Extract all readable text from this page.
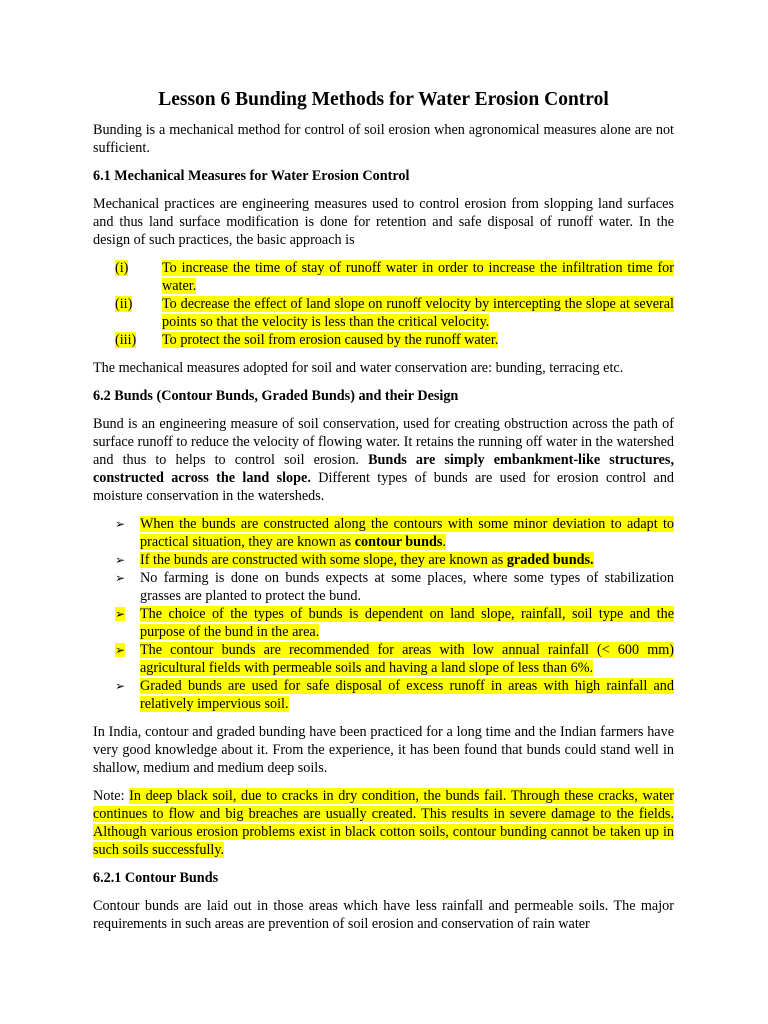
Lesson 6 Bunding Methods for Water Erosion Control

Bunding is a mechanical method for control of soil erosion when agronomical measures alone are not sufficient.

6.1 Mechanical Measures for Water Erosion Control

Mechanical practices are engineering measures used to control erosion from slopping land surfaces and thus land surface modification is done for retention and safe disposal of runoff water. In the design of such practices, the basic approach is

(i)	To increase the time of stay of runoff water in order to increase the infiltration time for water.
(ii)	To decrease the effect of land slope on runoff velocity by intercepting the slope at several points so that the velocity is less than the critical velocity.
(iii)	To protect the soil from erosion caused by the runoff water.

The mechanical measures adopted for soil and water conservation are: bunding, terracing etc.

6.2 Bunds (Contour Bunds, Graded Bunds) and their Design

Bund is an engineering measure of soil conservation, used for creating obstruction across the path of surface runoff to reduce the velocity of flowing water. It retains the running off water in the watershed and thus to helps to control soil erosion. Bunds are simply embankment-like structures, constructed across the land slope. Different types of bunds are used for erosion control and moisture conservation in the watersheds.

➢	When the bunds are constructed along the contours with some minor deviation to adapt to practical situation, they are known as contour bunds.
➢	If the bunds are constructed with some slope, they are known as graded bunds.
➢	No farming is done on bunds expects at some places, where some types of stabilization grasses are planted to protect the bund.
➢	The choice of the types of bunds is dependent on land slope, rainfall, soil type and the purpose of the bund in the area.
➢	The contour bunds are recommended for areas with low annual rainfall (< 600 mm) agricultural fields with permeable soils and having a land slope of less than 6%.
➢	Graded bunds are used for safe disposal of excess runoff in areas with high rainfall and relatively impervious soil.

In India, contour and graded bunding have been practiced for a long time and the Indian farmers have very good knowledge about it. From the experience, it has been found that bunds could stand well in shallow, medium and medium deep soils.

Note: In deep black soil, due to cracks in dry condition, the bunds fail. Through these cracks, water continues to flow and big breaches are usually created. This results in severe damage to the fields. Although various erosion problems exist in black cotton soils, contour bunding cannot be taken up in such soils successfully.

6.2.1 Contour Bunds

Contour bunds are laid out in those areas which have less rainfall and permeable soils. The major requirements in such areas are prevention of soil erosion and conservation of rain water
